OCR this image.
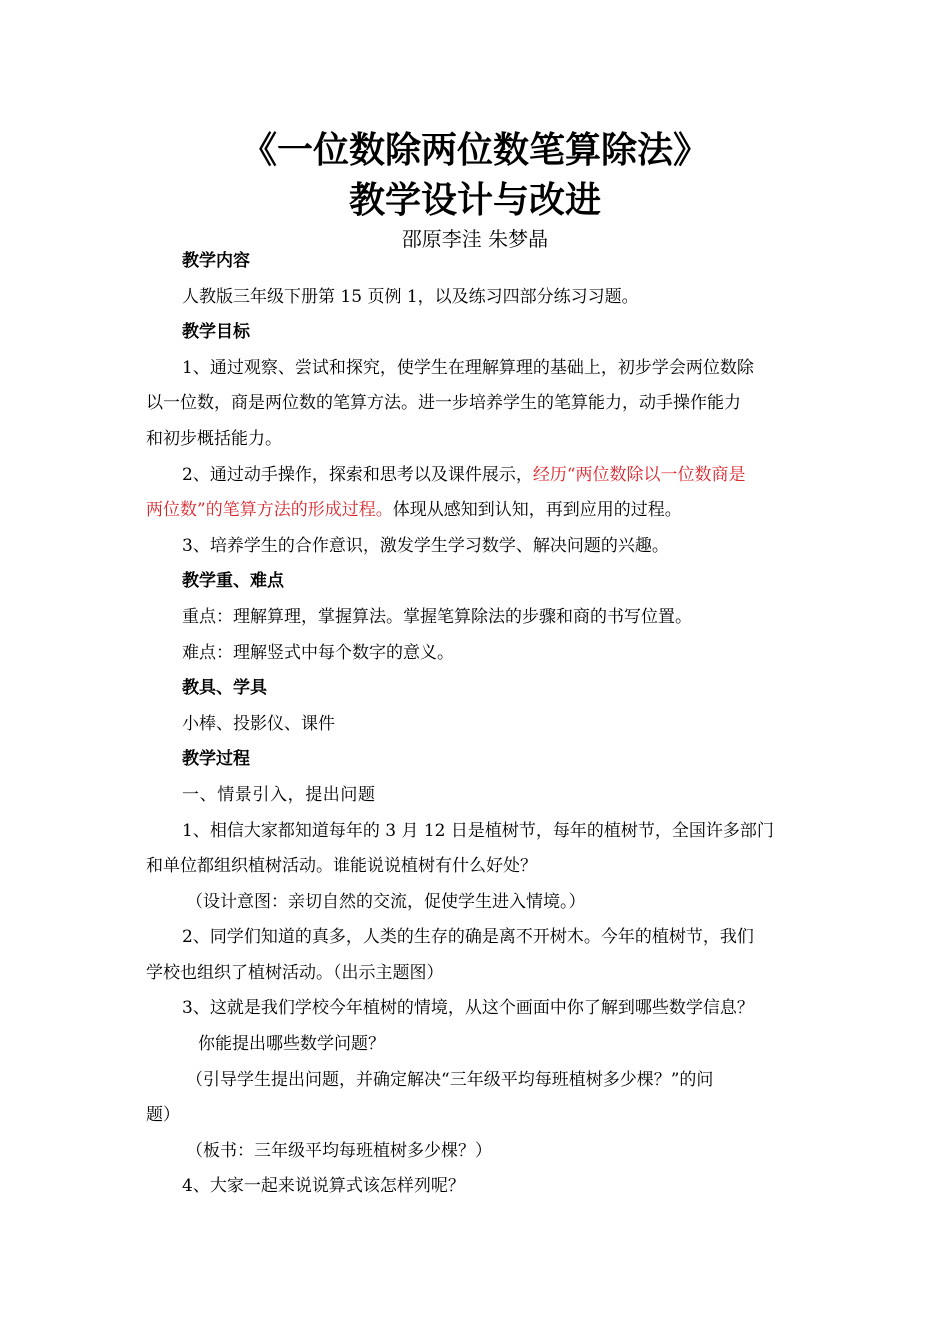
《一位数除两位数笔算除法》
教学设计与改进
邵原李洼 朱梦晶
教学内容
人教版三年级下册第 15 页例 1，以及练习四部分练习习题。
教学目标
1、通过观察、尝试和探究，使学生在理解算理的基础上，初步学会两位数除
以一位数，商是两位数的笔算方法。进一步培养学生的笔算能力，动手操作能力
和初步概括能力。
2、通过动手操作，探索和思考以及课件展示，经历“两位数除以一位数商是
两位数”的笔算方法的形成过程。体现从感知到认知，再到应用的过程。
3、培养学生的合作意识，激发学生学习数学、解决问题的兴趣。
教学重、难点
重点：理解算理，掌握算法。掌握笔算除法的步骤和商的书写位置。
难点：理解竖式中每个数字的意义。
教具、学具
小棒、投影仪、课件
教学过程
一、情景引入，提出问题
1、相信大家都知道每年的 3 月 12 日是植树节，每年的植树节，全国许多部门
和单位都组织植树活动。谁能说说植树有什么好处？
（设计意图：亲切自然的交流，促使学生进入情境。）
2、同学们知道的真多，人类的生存的确是离不开树木。今年的植树节，我们
学校也组织了植树活动。（出示主题图）
3、这就是我们学校今年植树的情境，从这个画面中你了解到哪些数学信息？
你能提出哪些数学问题？
（引导学生提出问题，并确定解决“三年级平均每班植树多少棵？”的问
题）
（板书：三年级平均每班植树多少棵？）
4、大家一起来说说算式该怎样列呢？
